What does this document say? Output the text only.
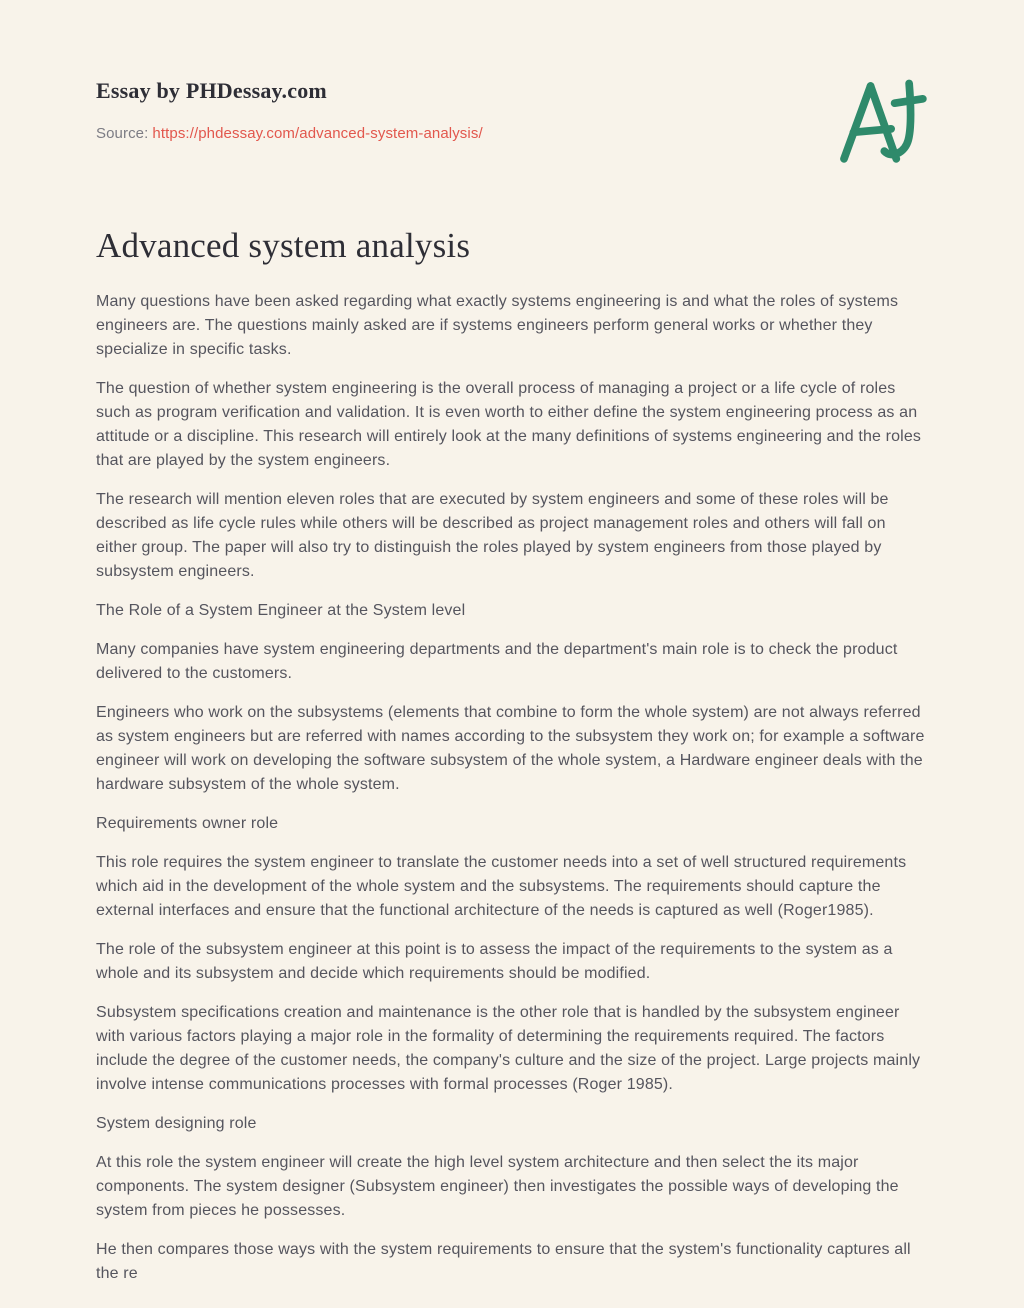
Essay by PHDessay.com

Source: https://phdessay.com/advanced-system-analysis/

Advanced system analysis

Many questions have been asked regarding what exactly systems engineering is and what the roles of systems engineers are. The questions mainly asked are if systems engineers perform general works or whether they specialize in specific tasks.

The question of whether system engineering is the overall process of managing a project or a life cycle of roles such as program verification and validation. It is even worth to either define the system engineering process as an attitude or a discipline. This research will entirely look at the many definitions of systems engineering and the roles that are played by the system engineers.

The research will mention eleven roles that are executed by system engineers and some of these roles will be described as life cycle rules while others will be described as project management roles and others will fall on either group. The paper will also try to distinguish the roles played by system engineers from those played by subsystem engineers.

The Role of a System Engineer at the System level

Many companies have system engineering departments and the department's main role is to check the product delivered to the customers.

Engineers who work on the subsystems (elements that combine to form the whole system) are not always referred as system engineers but are referred with names according to the subsystem they work on; for example a software engineer will work on developing the software subsystem of the whole system, a Hardware engineer deals with the hardware subsystem of the whole system.

Requirements owner role

This role requires the system engineer to translate the customer needs into a set of well structured requirements which aid in the development of the whole system and the subsystems. The requirements should capture the external interfaces and ensure that the functional architecture of the needs is captured as well (Roger1985).

The role of the subsystem engineer at this point is to assess the impact of the requirements to the system as a whole and its subsystem and decide which requirements should be modified.

Subsystem specifications creation and maintenance is the other role that is handled by the subsystem engineer with various factors playing a major role in the formality of determining the requirements required. The factors include the degree of the customer needs, the company's culture and the size of the project. Large projects mainly involve intense communications processes with formal processes (Roger 1985).

System designing role

At this role the system engineer will create the high level system architecture and then select the its major components. The system designer (Subsystem engineer) then investigates the possible ways of developing the system from pieces he possesses.

He then compares those ways with the system requirements to ensure that the system's functionality captures all the re
